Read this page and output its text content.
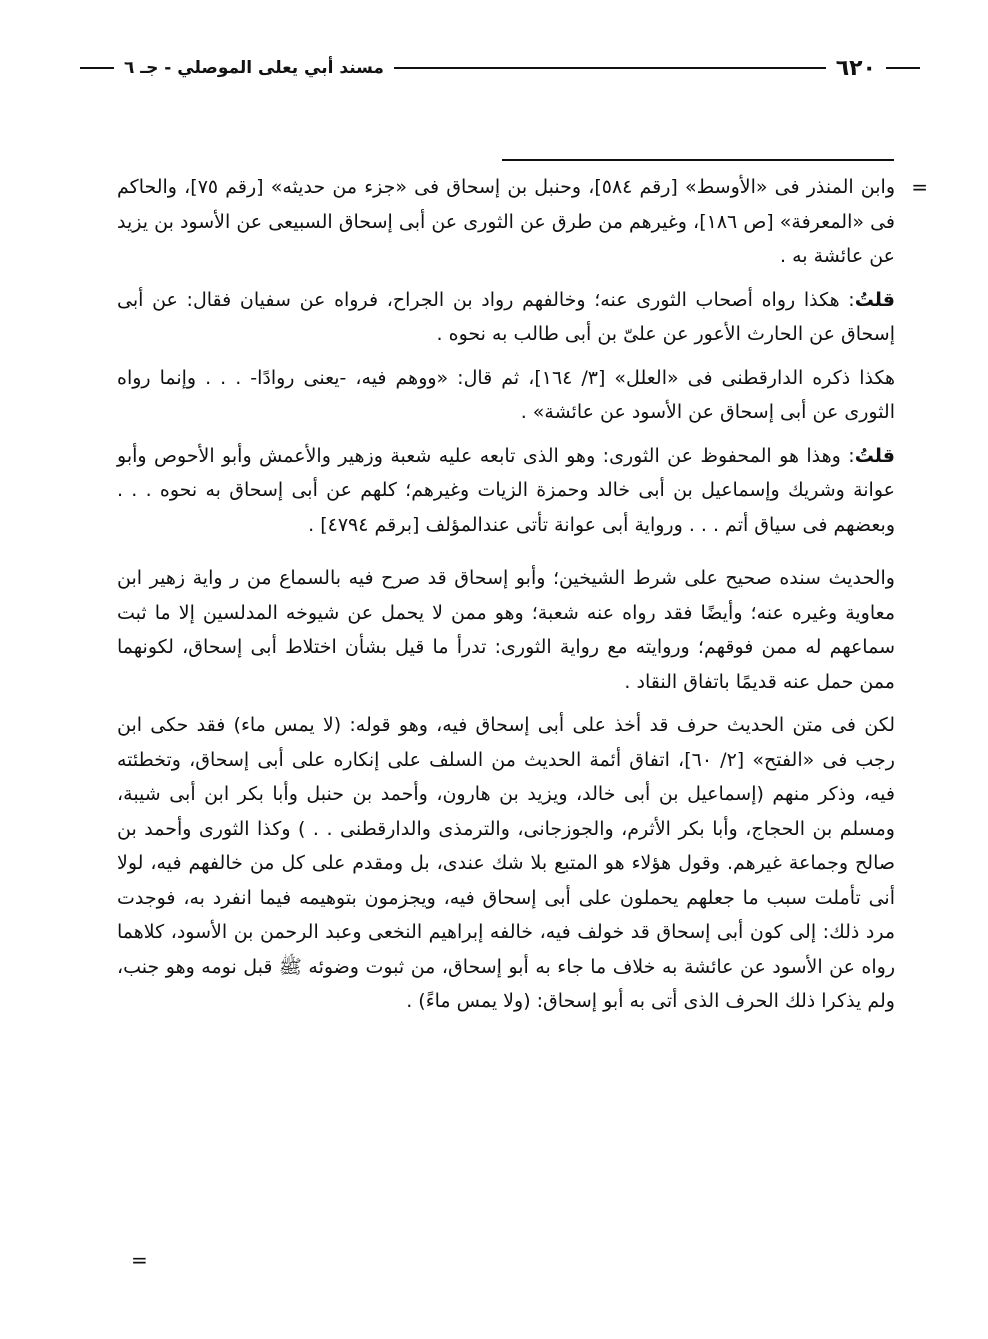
٦٢٠
مسند أبي يعلى الموصلي - جـ ٦

=
وابن المنذر فى «الأوسط» [رقم ٥٨٤]، وحنبل بن إسحاق فى «جزء من حديثه» [رقم ٧٥]، والحاكم فى «المعرفة» [ص ١٨٦]، وغيرهم من طرق عن الثورى عن أبى إسحاق السبيعى عن الأسود بن يزيد عن عائشة به .

قلتُ: هكذا رواه أصحاب الثورى عنه؛ وخالفهم رواد بن الجراح، فرواه عن سفيان فقال: عن أبى إسحاق عن الحارث الأعور عن علىّ بن أبى طالب به نحوه .

هكذا ذكره الدارقطنى فى «العلل» [٣/ ١٦٤]، ثم قال: «ووهم فيه، -يعنى روادًا- . . . وإنما رواه الثورى عن أبى إسحاق عن الأسود عن عائشة» .

قلتُ: وهذا هو المحفوظ عن الثورى: وهو الذى تابعه عليه شعبة وزهير والأعمش وأبو الأحوص وأبو عوانة وشريك وإسماعيل بن أبى خالد وحمزة الزيات وغيرهم؛ كلهم عن أبى إسحاق به نحوه . . . وبعضهم فى سياق أتم . . . ورواية أبى عوانة تأتى عندالمؤلف [برقم ٤٧٩٤] .

والحديث سنده صحيح على شرط الشيخين؛ وأبو إسحاق قد صرح فيه بالسماع من ر واية زهير ابن معاوية وغيره عنه؛ وأيضًا فقد رواه عنه شعبة؛ وهو ممن لا يحمل عن شيوخه المدلسين إلا ما ثبت سماعهم له ممن فوقهم؛ وروايته مع رواية الثورى: تدرأ ما قيل بشأن اختلاط أبى إسحاق، لكونهما ممن حمل عنه قديمًا باتفاق النقاد .

لكن فى متن الحديث حرف قد أخذ على أبى إسحاق فيه، وهو قوله: (لا يمس ماء) فقد حكى ابن رجب فى «الفتح» [٢/ ٦٠]، اتفاق أئمة الحديث من السلف على إنكاره على أبى إسحاق، وتخطئته فيه، وذكر منهم (إسماعيل بن أبى خالد، ويزيد بن هارون، وأحمد بن حنبل وأبا بكر ابن أبى شيبة، ومسلم بن الحجاج، وأبا بكر الأثرم، والجوزجانى، والترمذى والدارقطنى . . ) وكذا الثورى وأحمد بن صالح وجماعة غيرهم. وقول هؤلاء هو المتبع بلا شك عندى، بل ومقدم على كل من خالفهم فيه، لولا أنى تأملت سبب ما جعلهم يحملون على أبى إسحاق فيه، ويجزمون بتوهيمه فيما انفرد به، فوجدت مرد ذلك: إلى كون أبى إسحاق قد خولف فيه، خالفه إبراهيم النخعى وعبد الرحمن بن الأسود، كلاهما رواه عن الأسود عن عائشة به خلاف ما جاء به أبو إسحاق، من ثبوت وضوئه ﷺ قبل نومه وهو جنب، ولم يذكرا ذلك الحرف الذى أتى به أبو إسحاق: (ولا يمس ماءً) .

=
